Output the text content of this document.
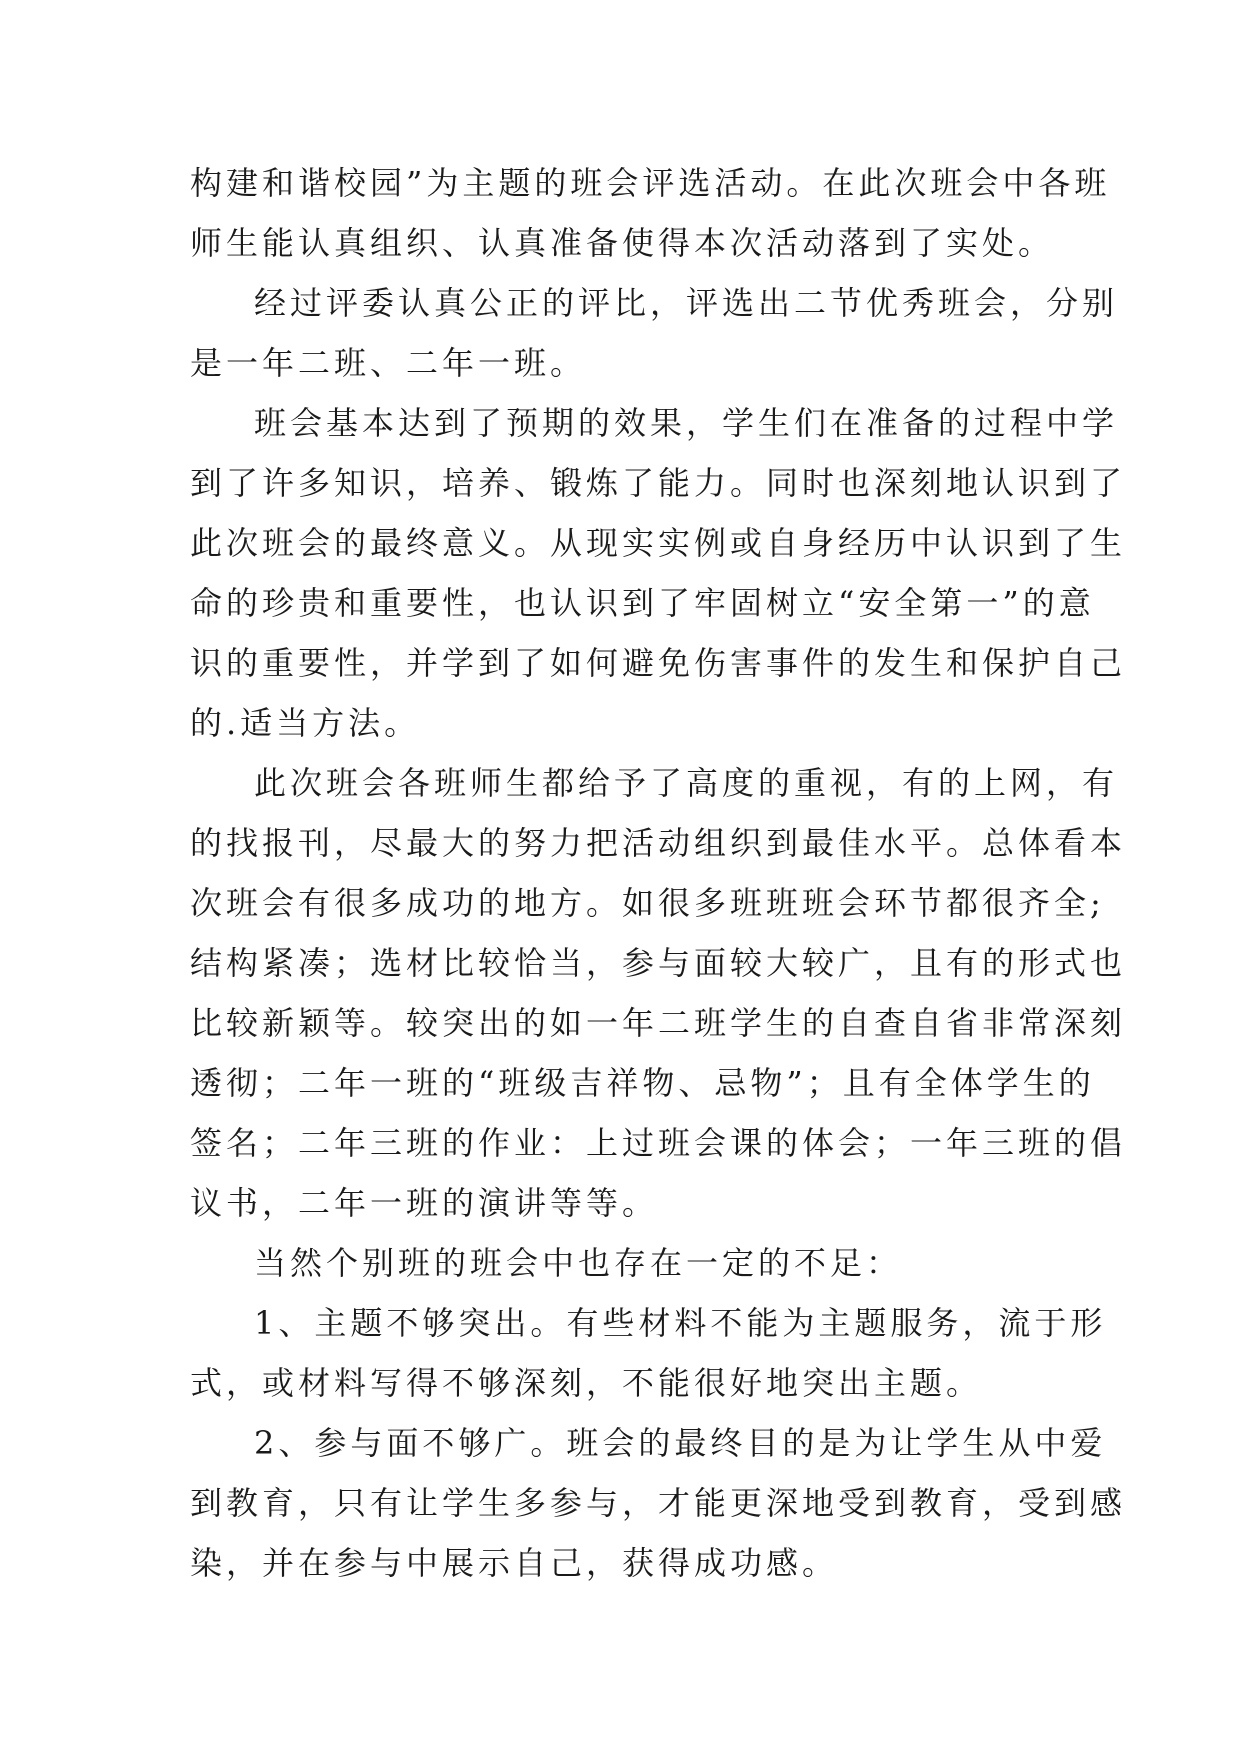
构建和谐校园”为主题的班会评选活动。在此次班会中各班
师生能认真组织、认真准备使得本次活动落到了实处。

经过评委认真公正的评比，评选出二节优秀班会，分别
是一年二班、二年一班。

班会基本达到了预期的效果，学生们在准备的过程中学
到了许多知识，培养、锻炼了能力。同时也深刻地认识到了
此次班会的最终意义。从现实实例或自身经历中认识到了生
命的珍贵和重要性，也认识到了牢固树立“安全第一”的意
识的重要性，并学到了如何避免伤害事件的发生和保护自己
的.适当方法。

此次班会各班师生都给予了高度的重视，有的上网，有
的找报刊，尽最大的努力把活动组织到最佳水平。总体看本
次班会有很多成功的地方。如很多班班班会环节都很齐全;
结构紧凑；选材比较恰当，参与面较大较广，且有的形式也
比较新颖等。较突出的如一年二班学生的自查自省非常深刻
透彻；二年一班的“班级吉祥物、忌物”；且有全体学生的
签名；二年三班的作业：上过班会课的体会；一年三班的倡
议书，二年一班的演讲等等。

当然个别班的班会中也存在一定的不足：

1、主题不够突出。有些材料不能为主题服务，流于形
式，或材料写得不够深刻，不能很好地突出主题。

2、参与面不够广。班会的最终目的是为让学生从中爱
到教育，只有让学生多参与，才能更深地受到教育，受到感
染，并在参与中展示自己，获得成功感。
